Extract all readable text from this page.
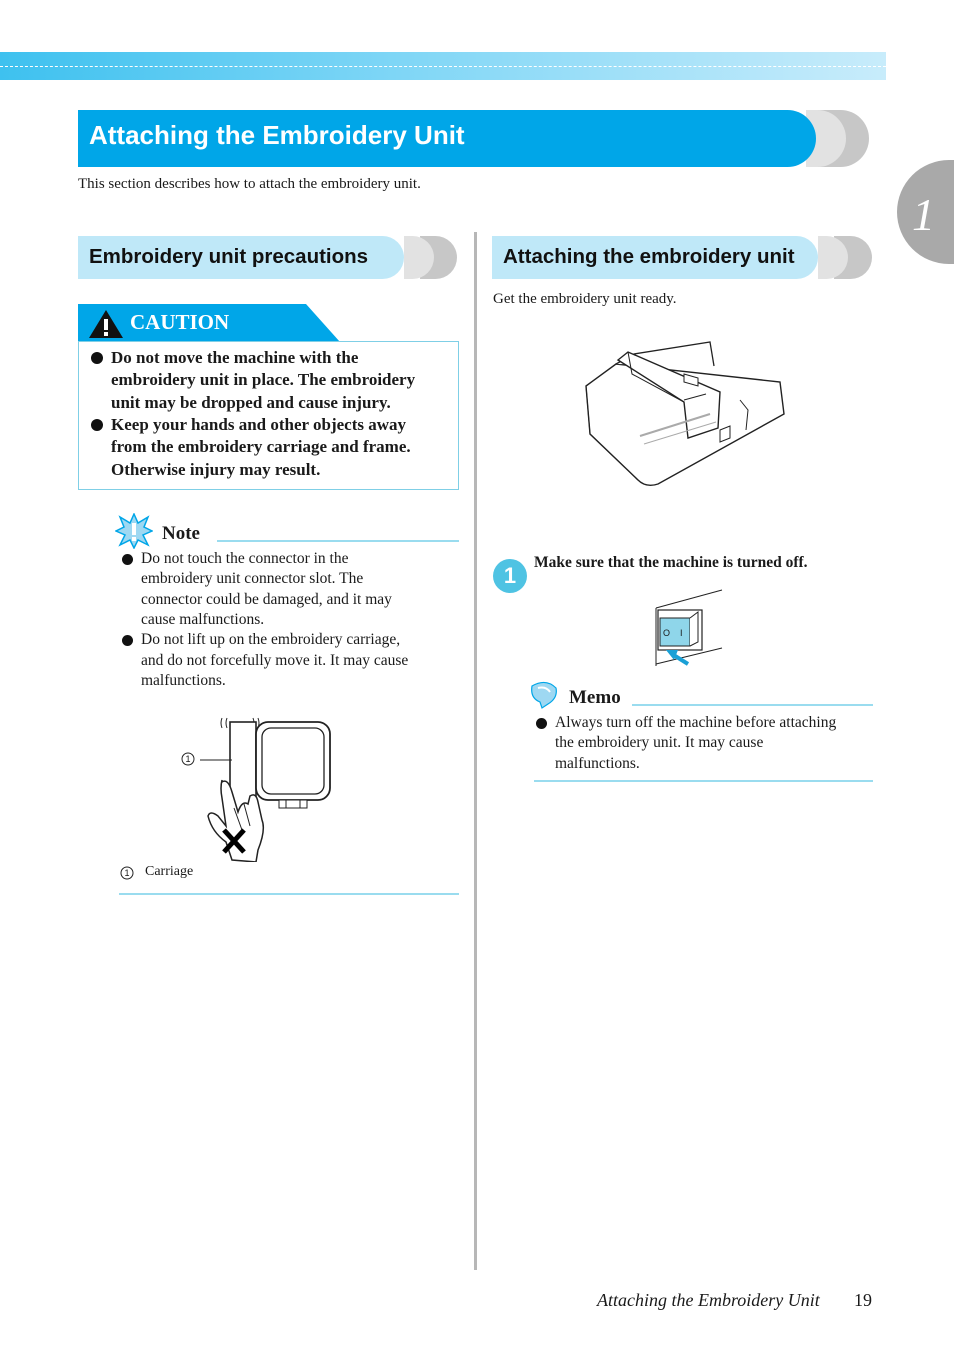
1
Attaching the Embroidery Unit
This section describes how to attach the embroidery unit.
Embroidery unit precautions
CAUTION
Do not move the machine with the
embroidery unit in place. The embroidery
unit may be dropped and cause injury.
Keep your hands and other objects away
from the embroidery carriage and frame.
Otherwise injury may result.
Note
Do not touch the connector in the
embroidery unit connector slot. The
connector could be damaged, and it may
cause malfunctions.
Do not lift up on the embroidery carriage,
and do not forcefully move it. It may cause
malfunctions.
1
1	Carriage
Attaching the embroidery unit
Get the embroidery unit ready.
1
Make sure that the machine is turned off.
O I
Memo
Always turn off the machine before attaching
the embroidery unit. It may cause
malfunctions.
Attaching the Embroidery Unit 19
